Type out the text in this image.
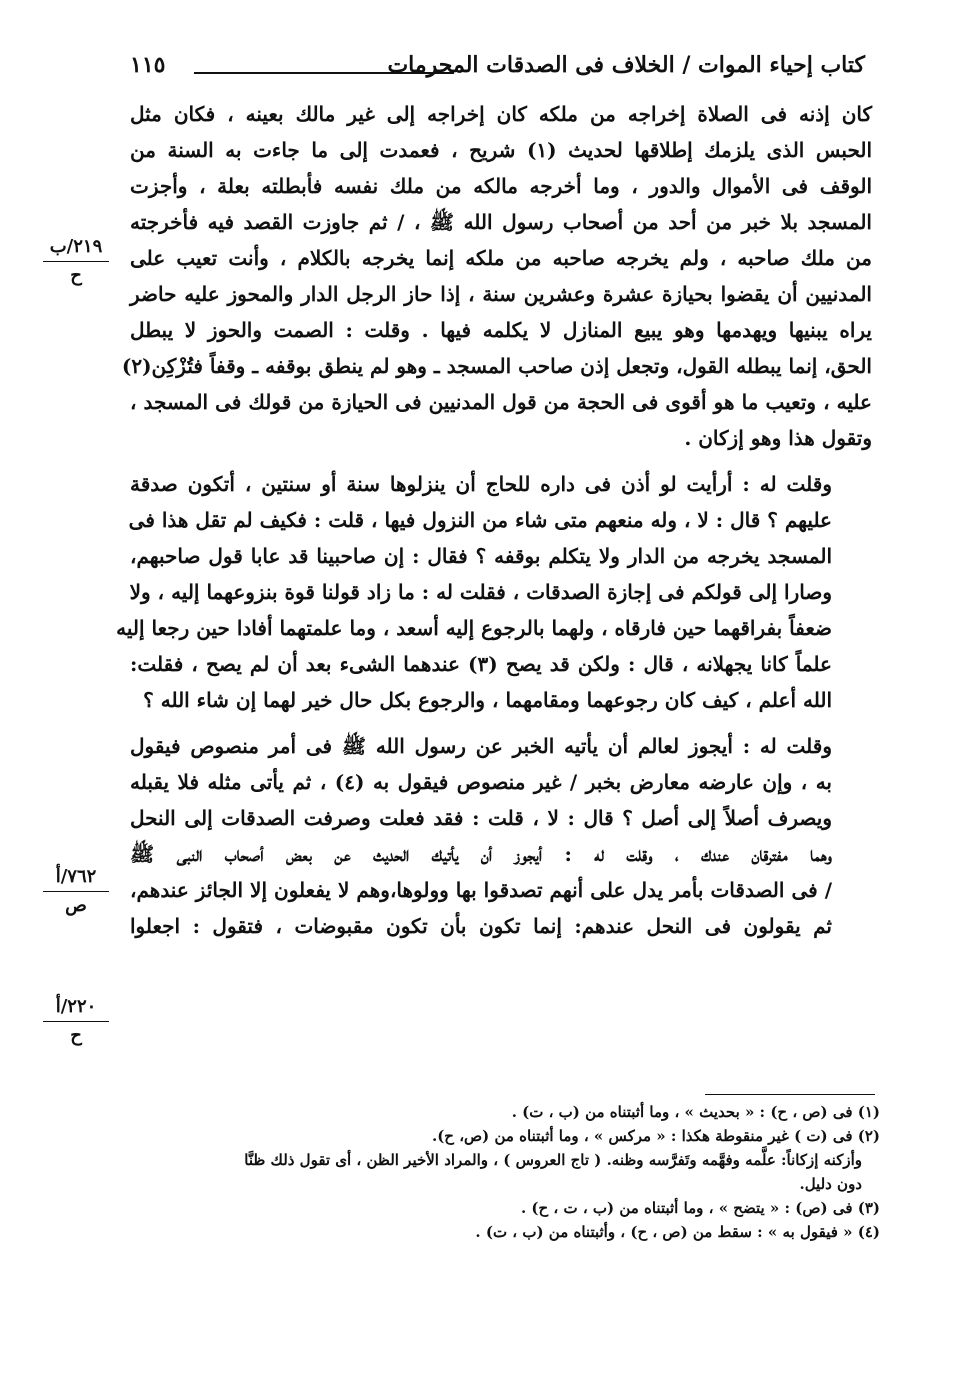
كتاب إحياء الموات / الخلاف فى الصدقات المحرمات
١١٥
كان إذنه فى الصلاة إخراجه من ملكه كان إخراجه إلى غير مالك بعينه ، فكان مثل
الحبس الذى يلزمك إطلاقها لحديث (١) شريح ، فعمدت إلى ما جاءت به السنة من
الوقف فى الأموال والدور ، وما أخرجه مالكه من ملك نفسه فأبطلته بعلة ، وأجزت
المسجد بلا خبر من أحد من أصحاب رسول الله ﷺ ، / ثم جاوزت القصد فيه فأخرجته
من ملك صاحبه ، ولم يخرجه صاحبه من ملكه إنما يخرجه بالكلام ، وأنت تعيب على
المدنيين أن يقضوا بحيازة عشرة وعشرين سنة ، إذا حاز الرجل الدار والمحوز عليه حاضر
يراه يبنيها ويهدمها وهو يبيع المنازل لا يكلمه فيها . وقلت : الصمت والحوز لا يبطل
الحق، إنما يبطله القول، وتجعل إذن صاحب المسجد ـ وهو لم ينطق بوقفه ـ وقفاً فتُزْكِن(٢)
عليه ، وتعيب ما هو أقوى فى الحجة من قول المدنيين فى الحيازة من قولك فى المسجد ،
وتقول هذا وهو إزكان .
وقلت له : أرأيت لو أذن فى داره للحاج أن ينزلوها سنة أو سنتين ، أتكون صدقة
عليهم ؟ قال : لا ، وله منعهم متى شاء من النزول فيها ، قلت : فكيف لم تقل هذا فى
المسجد يخرجه من الدار ولا يتكلم بوقفه ؟ فقال : إن صاحبينا قد عابا قول صاحبهم،
وصارا إلى قولكم فى إجازة الصدقات ، فقلت له : ما زاد قولنا قوة بنزوعهما إليه ، ولا
ضعفاً بفراقهما حين فارقاه ، ولهما بالرجوع إليه أسعد ، وما علمتهما أفادا حين رجعا إليه
علماً كانا يجهلانه ، قال : ولكن قد يصح (٣) عندهما الشىء بعد أن لم يصح ، فقلت:
الله أعلم ، كيف كان رجوعهما ومقامهما ، والرجوع بكل حال خير لهما إن شاء الله ؟
وقلت له : أيجوز لعالم أن يأتيه الخبر عن رسول الله ﷺ فى أمر منصوص فيقول
به ، وإن عارضه معارض بخبر / غير منصوص فيقول به (٤) ، ثم يأتى مثله فلا يقبله
ويصرف أصلاً إلى أصل ؟ قال : لا ، قلت : فقد فعلت وصرفت الصدقات إلى النحل
وهما مفترقان عندك ، وقلت له : أيجوز أن يأتيك الحديث عن بعض أصحاب النبى ﷺ
/ فى الصدقات بأمر يدل على أنهم تصدقوا بها وولوها،وهم لا يفعلون إلا الجائز عندهم،
ثم يقولون فى النحل عندهم: إنما تكون بأن تكون مقبوضات ، فتقول : اجعلوا
٢١٩/ب
ح
٧٦٢/أ
ص
٢٢٠/أ
ح
(١) فى (ص ، ح) : « بحديث » ، وما أثبتناه من (ب ، ت) .
(٢) فى (ت ) غير منقوطة هكذا : « مركس » ، وما أثبتناه من (ص، ح).
وأزكنه إزكاناً: علَّمه وفهَّمه وتَفرَّسه وظنه. ( تاج العروس ) ، والمراد الأخير الظن ، أى تقول ذلك ظنَّا
دون دليل.
(٣) فى (ص) : « يتضح » ، وما أثبتناه من (ب ، ت ، ح) .
(٤) « فيقول به » : سقط من (ص ، ح) ، وأثبتناه من (ب ، ت) .
